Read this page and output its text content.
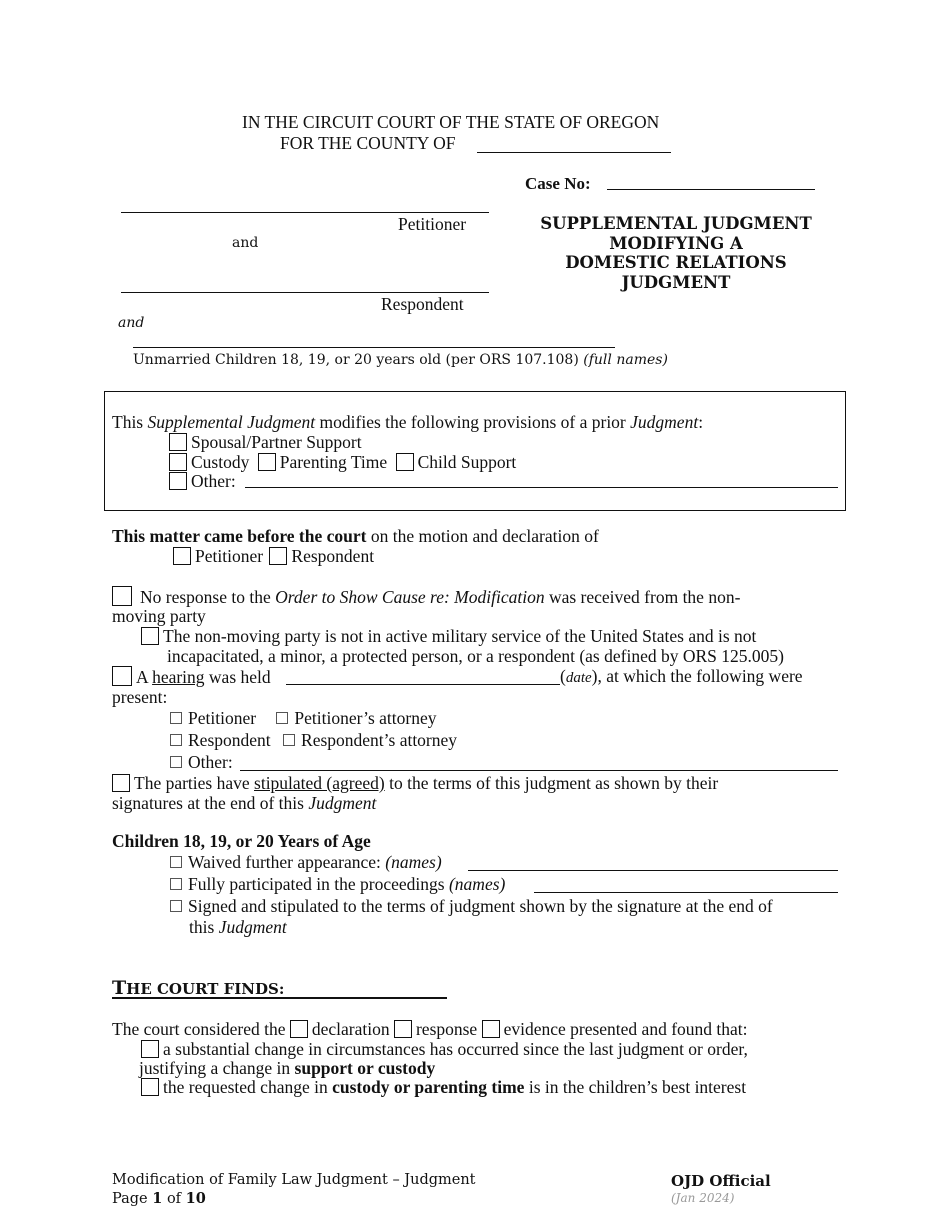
IN THE CIRCUIT COURT OF THE STATE OF OREGON
FOR THE COUNTY OF
Case No:
Petitioner
and
Respondent
and
Unmarried Children 18, 19, or 20 years old (per ORS 107.108) (full names)
SUPPLEMENTAL JUDGMENT
MODIFYING A
DOMESTIC RELATIONS
JUDGMENT
This Supplemental Judgment modifies the following provisions of a prior Judgment:
Spousal/Partner Support
Custody Parenting Time Child Support
Other:
This matter came before the court on the motion and declaration of
Petitioner Respondent
No response to the Order to Show Cause re: Modification was received from the non-
moving party
The non-moving party is not in active military service of the United States and is not
incapacitated, a minor, a protected person, or a respondent (as defined by ORS 125.005)
A hearing was held	(date), at which the following were
present:
Petitioner Petitioner’s attorney
Respondent Respondent’s attorney
Other:
The parties have stipulated (agreed) to the terms of this judgment as shown by their
signatures at the end of this Judgment
Children 18, 19, or 20 Years of Age
Waived further appearance: (names)
Fully participated in the proceedings (names)
Signed and stipulated to the terms of judgment shown by the signature at the end of
this Judgment
THE COURT FINDS:
The court considered the declaration response evidence presented and found that:
a substantial change in circumstances has occurred since the last judgment or order,
justifying a change in support or custody
the requested change in custody or parenting time is in the children’s best interest
Modification of Family Law Judgment – Judgment
Page 1 of 10
OJD Official
(Jan 2024)
